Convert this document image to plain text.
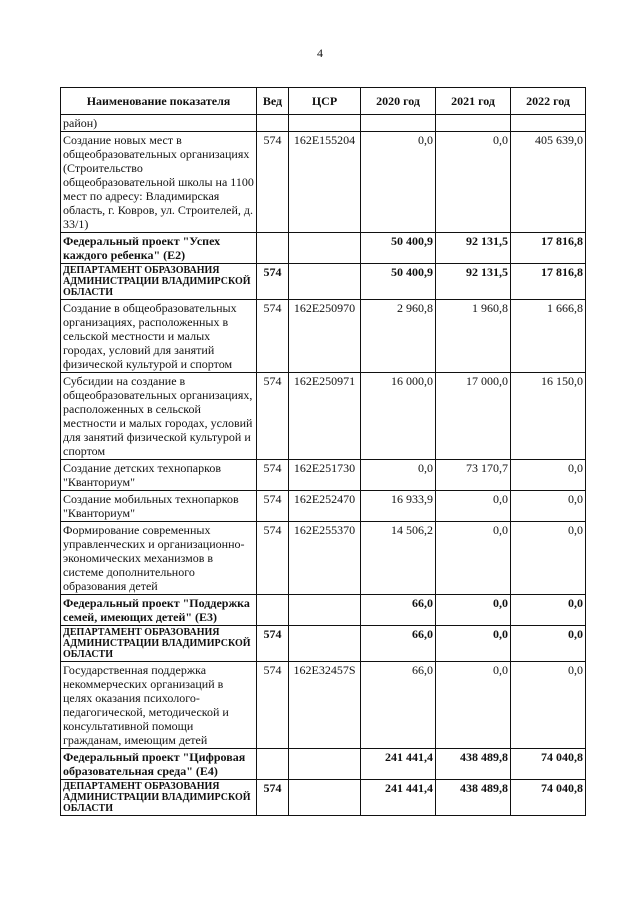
4
Наименование показателя	Вед	ЦСР	2020 год	2021 год	2022 год
район)					
Создание новых мест в общеобразовательных организациях (Строительство общеобразовательной школы на 1100 мест по адресу: Владимирская область, г. Ковров, ул. Строителей, д. 33/1)	574	162E155204	0,0	0,0	405 639,0
Федеральный проект "Успех каждого ребенка" (E2)			50 400,9	92 131,5	17 816,8
ДЕПАРТАМЕНТ ОБРАЗОВАНИЯ АДМИНИСТРАЦИИ ВЛАДИМИРСКОЙ ОБЛАСТИ	574		50 400,9	92 131,5	17 816,8
Создание в общеобразовательных организациях, расположенных в сельской местности и малых городах, условий для занятий физической культурой и спортом	574	162E250970	2 960,8	1 960,8	1 666,8
Субсидии на создание в общеобразовательных организациях, расположенных в сельской местности и малых городах, условий для занятий физической культурой и спортом	574	162E250971	16 000,0	17 000,0	16 150,0
Создание детских технопарков "Кванториум"	574	162E251730	0,0	73 170,7	0,0
Создание мобильных технопарков "Кванториум"	574	162E252470	16 933,9	0,0	0,0
Формирование современных управленческих и организационно-экономических механизмов в системе дополнительного образования детей	574	162E255370	14 506,2	0,0	0,0
Федеральный проект "Поддержка семей, имеющих детей" (E3)			66,0	0,0	0,0
ДЕПАРТАМЕНТ ОБРАЗОВАНИЯ АДМИНИСТРАЦИИ ВЛАДИМИРСКОЙ ОБЛАСТИ	574		66,0	0,0	0,0
Государственная поддержка некоммерческих организаций в целях оказания психолого-педагогической, методической и консультативной помощи гражданам, имеющим детей	574	162E32457S	66,0	0,0	0,0
Федеральный проект "Цифровая образовательная среда" (E4)			241 441,4	438 489,8	74 040,8
ДЕПАРТАМЕНТ ОБРАЗОВАНИЯ АДМИНИСТРАЦИИ ВЛАДИМИРСКОЙ ОБЛАСТИ	574		241 441,4	438 489,8	74 040,8
